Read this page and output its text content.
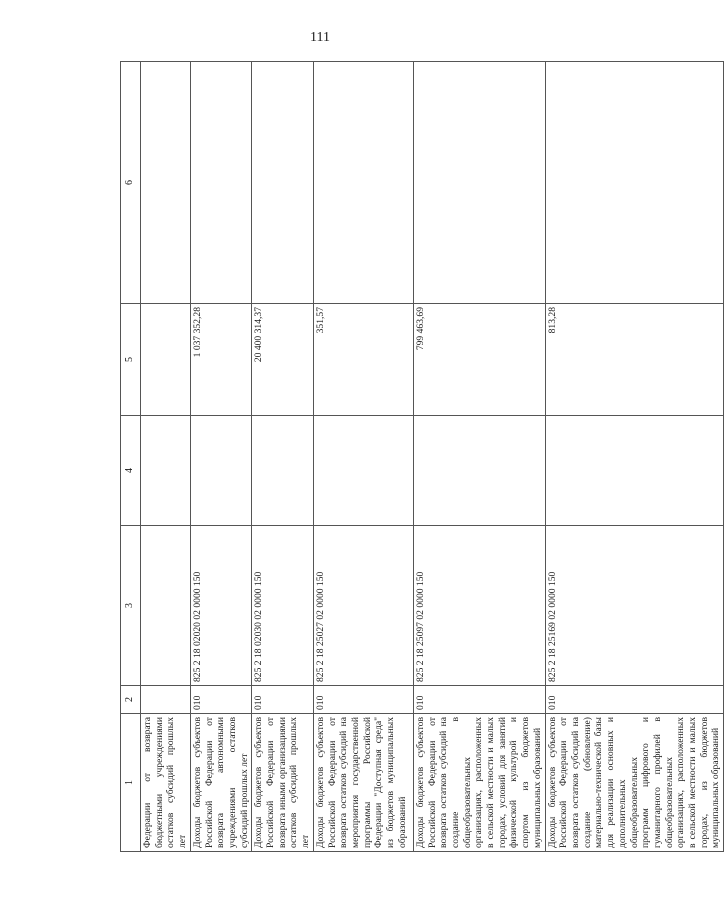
111
1	2	3	4	5	6
Федерации от возврата бюджетными учреждениями остатков субсидий прошлых лет					
Доходы бюджетов субъектов Российской Федерации от возврата автономными учреждениями остатков субсидий прошлых лет	010	825 2 18 02020 02 0000 150		1 037 352,28	
Доходы бюджетов субъектов Российской Федерации от возврата иными организациями остатков субсидий прошлых лет	010	825 2 18 02030 02 0000 150		20 400 314,37	
Доходы бюджетов субъектов Российской Федерации от возврата остатков субсидий на мероприятия государственной программы Российской Федерации "Доступная среда" из бюджетов муниципальных образований	010	825 2 18 25027 02 0000 150		351,57	
Доходы бюджетов субъектов Российской Федерации от возврата остатков субсидий на создание в общеобразовательных организациях, расположенных в сельской местности и малых городах, условий для занятий физической культурой и спортом из бюджетов муниципальных образований	010	825 2 18 25097 02 0000 150		799 463,69	
Доходы бюджетов субъектов Российской Федерации от возврата остатков субсидий на создание (обновление) материально-технической базы для реализации основных и дополнительных общеобразовательных программ цифрового и гуманитарного профилей в общеобразовательных организациях, расположенных в сельской местности и малых городах, из бюджетов муниципальных образований	010	825 2 18 25169 02 0000 150		813,28	
